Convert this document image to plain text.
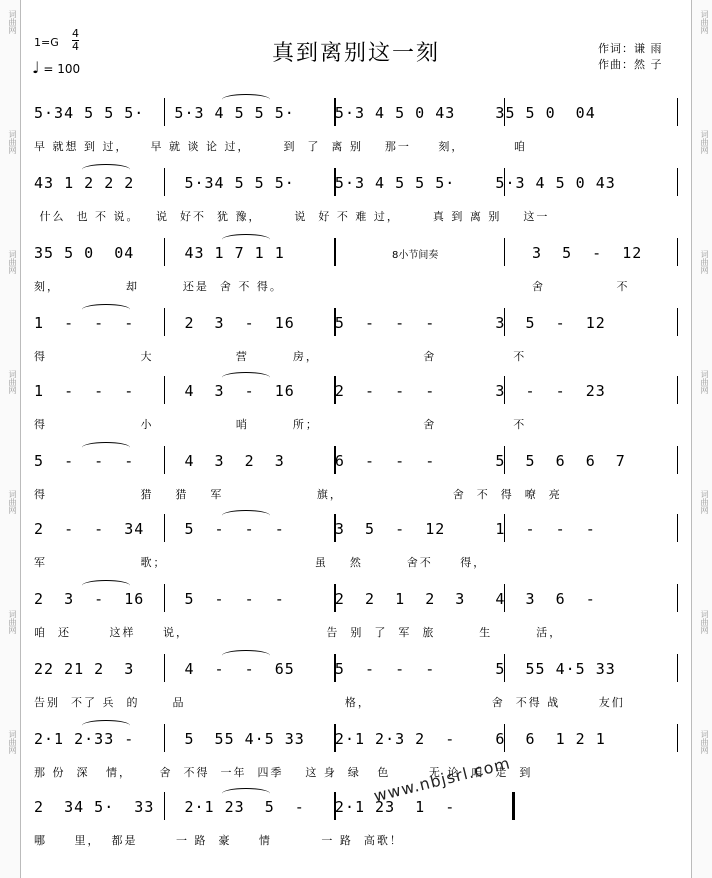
词曲网
词曲网
词曲网
词曲网
词曲网
词曲网
词曲网
词曲网
词曲网
词曲网
词曲网
词曲网
词曲网
词曲网
1=G
4
4
♩ = 100
真到离别这一刻	作词：谦 雨
作曲：然 子
5·34 5 5 5·   5·3 4 5 5 5·    5·3 4 5 0 43    35 5 0  04
早 就想 到 过，    早 就 谈 论 过，      到  了  离 别    那一     刻，         咱
43 1 2 2 2     5·34 5 5 5·    5·3 4 5 5 5·    5·3 4 5 0 43
什么  也 不 说。   说  好不  犹 豫，      说  好 不 难 过，      真 到 离 别    这一
35 5 0  04     43 1 7 1 1
刻，            却        还是  舍 不 得。
8小节间奏	3  5  -  12
舍             不
1  -  -  -     2  3  -  16    5  -  -  -      3  5  -  12
得                 大               营        房，                   舍              不
1  -  -  -     4  3  -  16    2  -  -  -      3  -  -  23
得                 小               哨        所；                   舍              不
5  -  -  -     4  3  2  3     6  -  -  -      5  5  6  6  7
得                 猎    猎    军                 旗，                    舍  不  得  嘹  亮
2  -  -  34    5  -  -  -     3  5  -  12     1  -  -  -
军                 歌；                           虽    然        舍不     得，
2  3  -  16    5  -  -  -     2  2  1  2  3   4  3  6  -
咱  还       这样     说，                         告  别  了  军  旅        生        活，
22 21 2  3     4  -  -  65    5  -  -  -      5  55 4·5 33
告别  不了 兵  的      品                             格，                      舍  不得 战       友们
2·1 2·33 -     5  55 4·5 33   2·1 2·3 2  -    6  6  1 2 1
那 份  深   情，     舍  不得  一年  四季    这 身  绿   色       无 论  咱  走  到
2  34 5·  33   2·1 23  5  -   2·1 23  1  -
哪     里，  都是       一 路  豪     情         一 路  高歌！
www.nbjsrl.com
